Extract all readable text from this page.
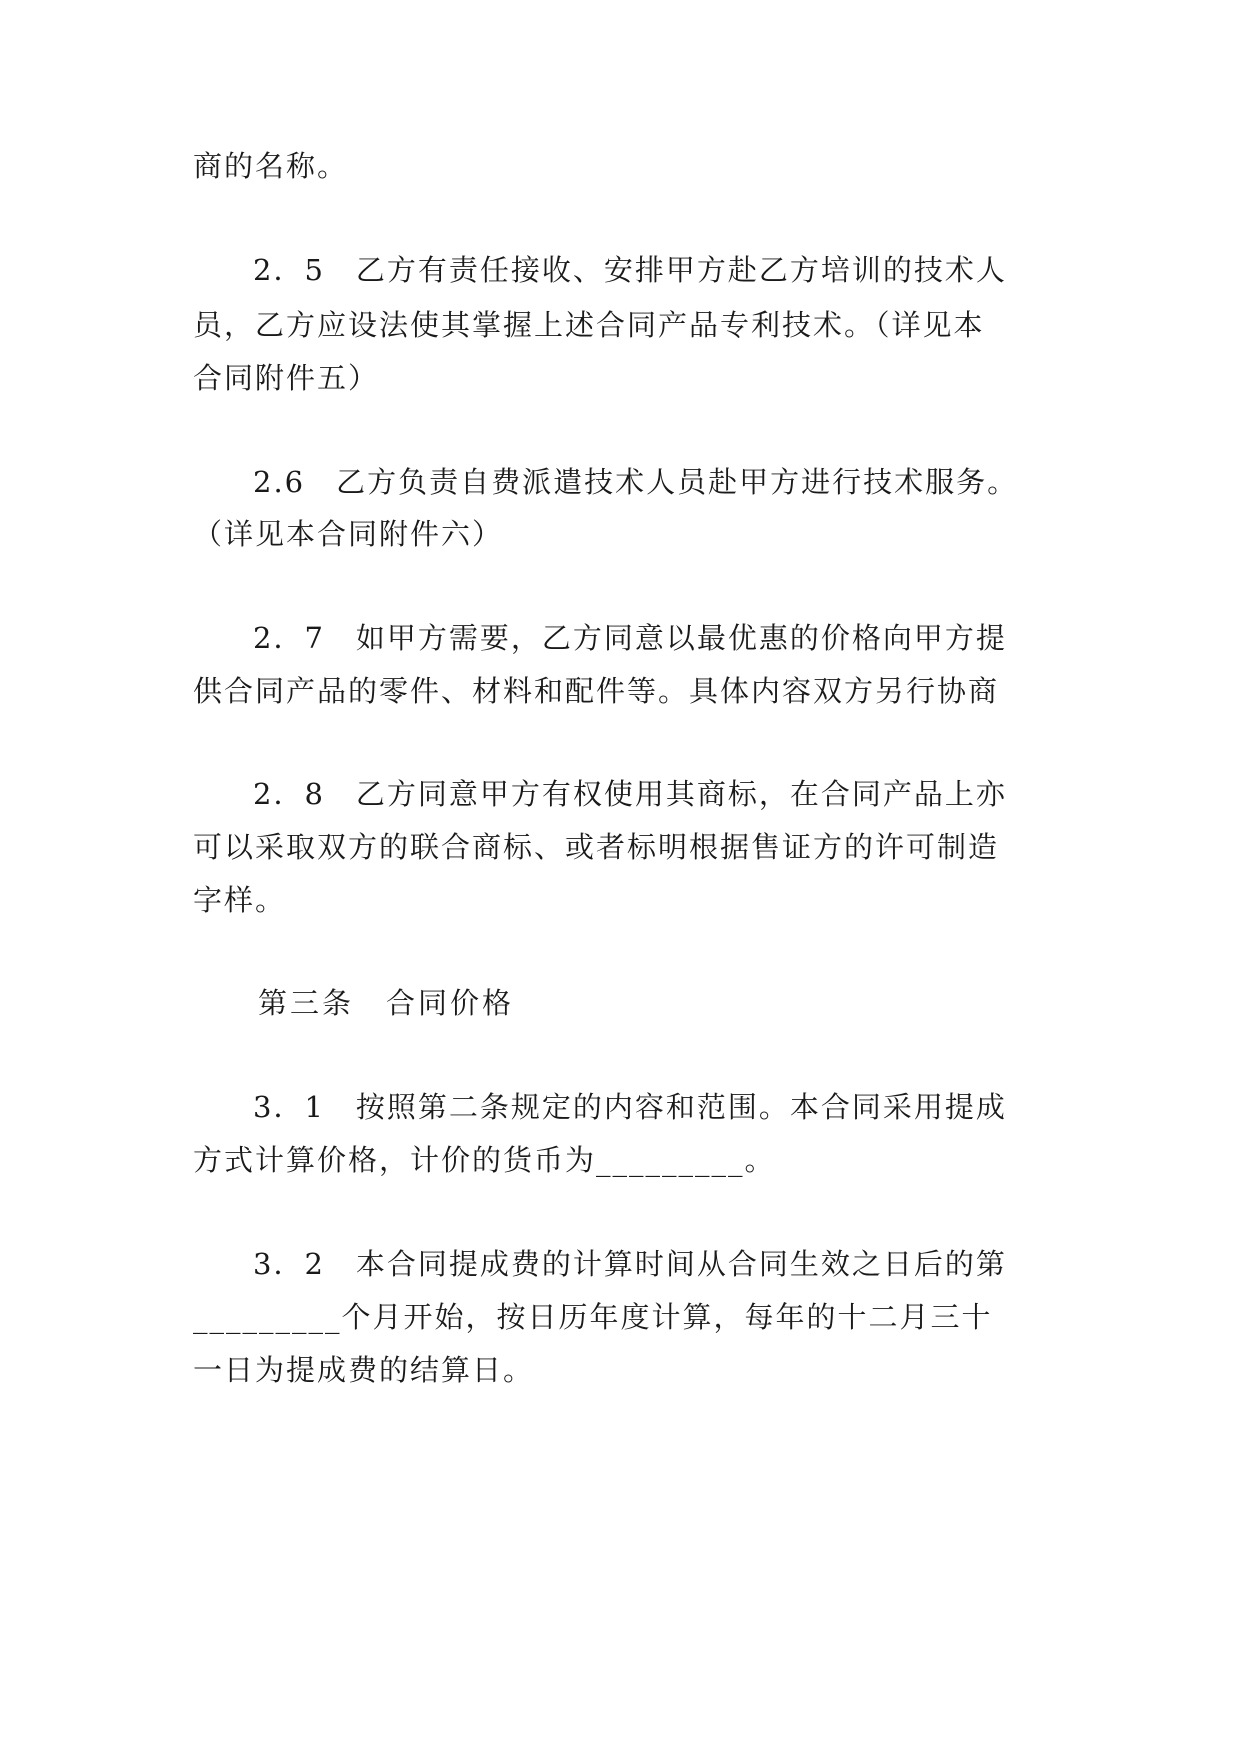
商的名称。
2．5　乙方有责任接收、安排甲方赴乙方培训的技术人
员，乙方应设法使其掌握上述合同产品专利技术。（详见本
合同附件五）
2.6　乙方负责自费派遣技术人员赴甲方进行技术服务。
（详见本合同附件六）
2．7　如甲方需要，乙方同意以最优惠的价格向甲方提
供合同产品的零件、材料和配件等。具体内容双方另行协商
2．8　乙方同意甲方有权使用其商标，在合同产品上亦
可以采取双方的联合商标、或者标明根据售证方的许可制造
字样。
第三条　合同价格
3．1　按照第二条规定的内容和范围。本合同采用提成
方式计算价格，计价的货币为_________。
3．2　本合同提成费的计算时间从合同生效之日后的第
_________个月开始，按日历年度计算，每年的十二月三十
一日为提成费的结算日。
